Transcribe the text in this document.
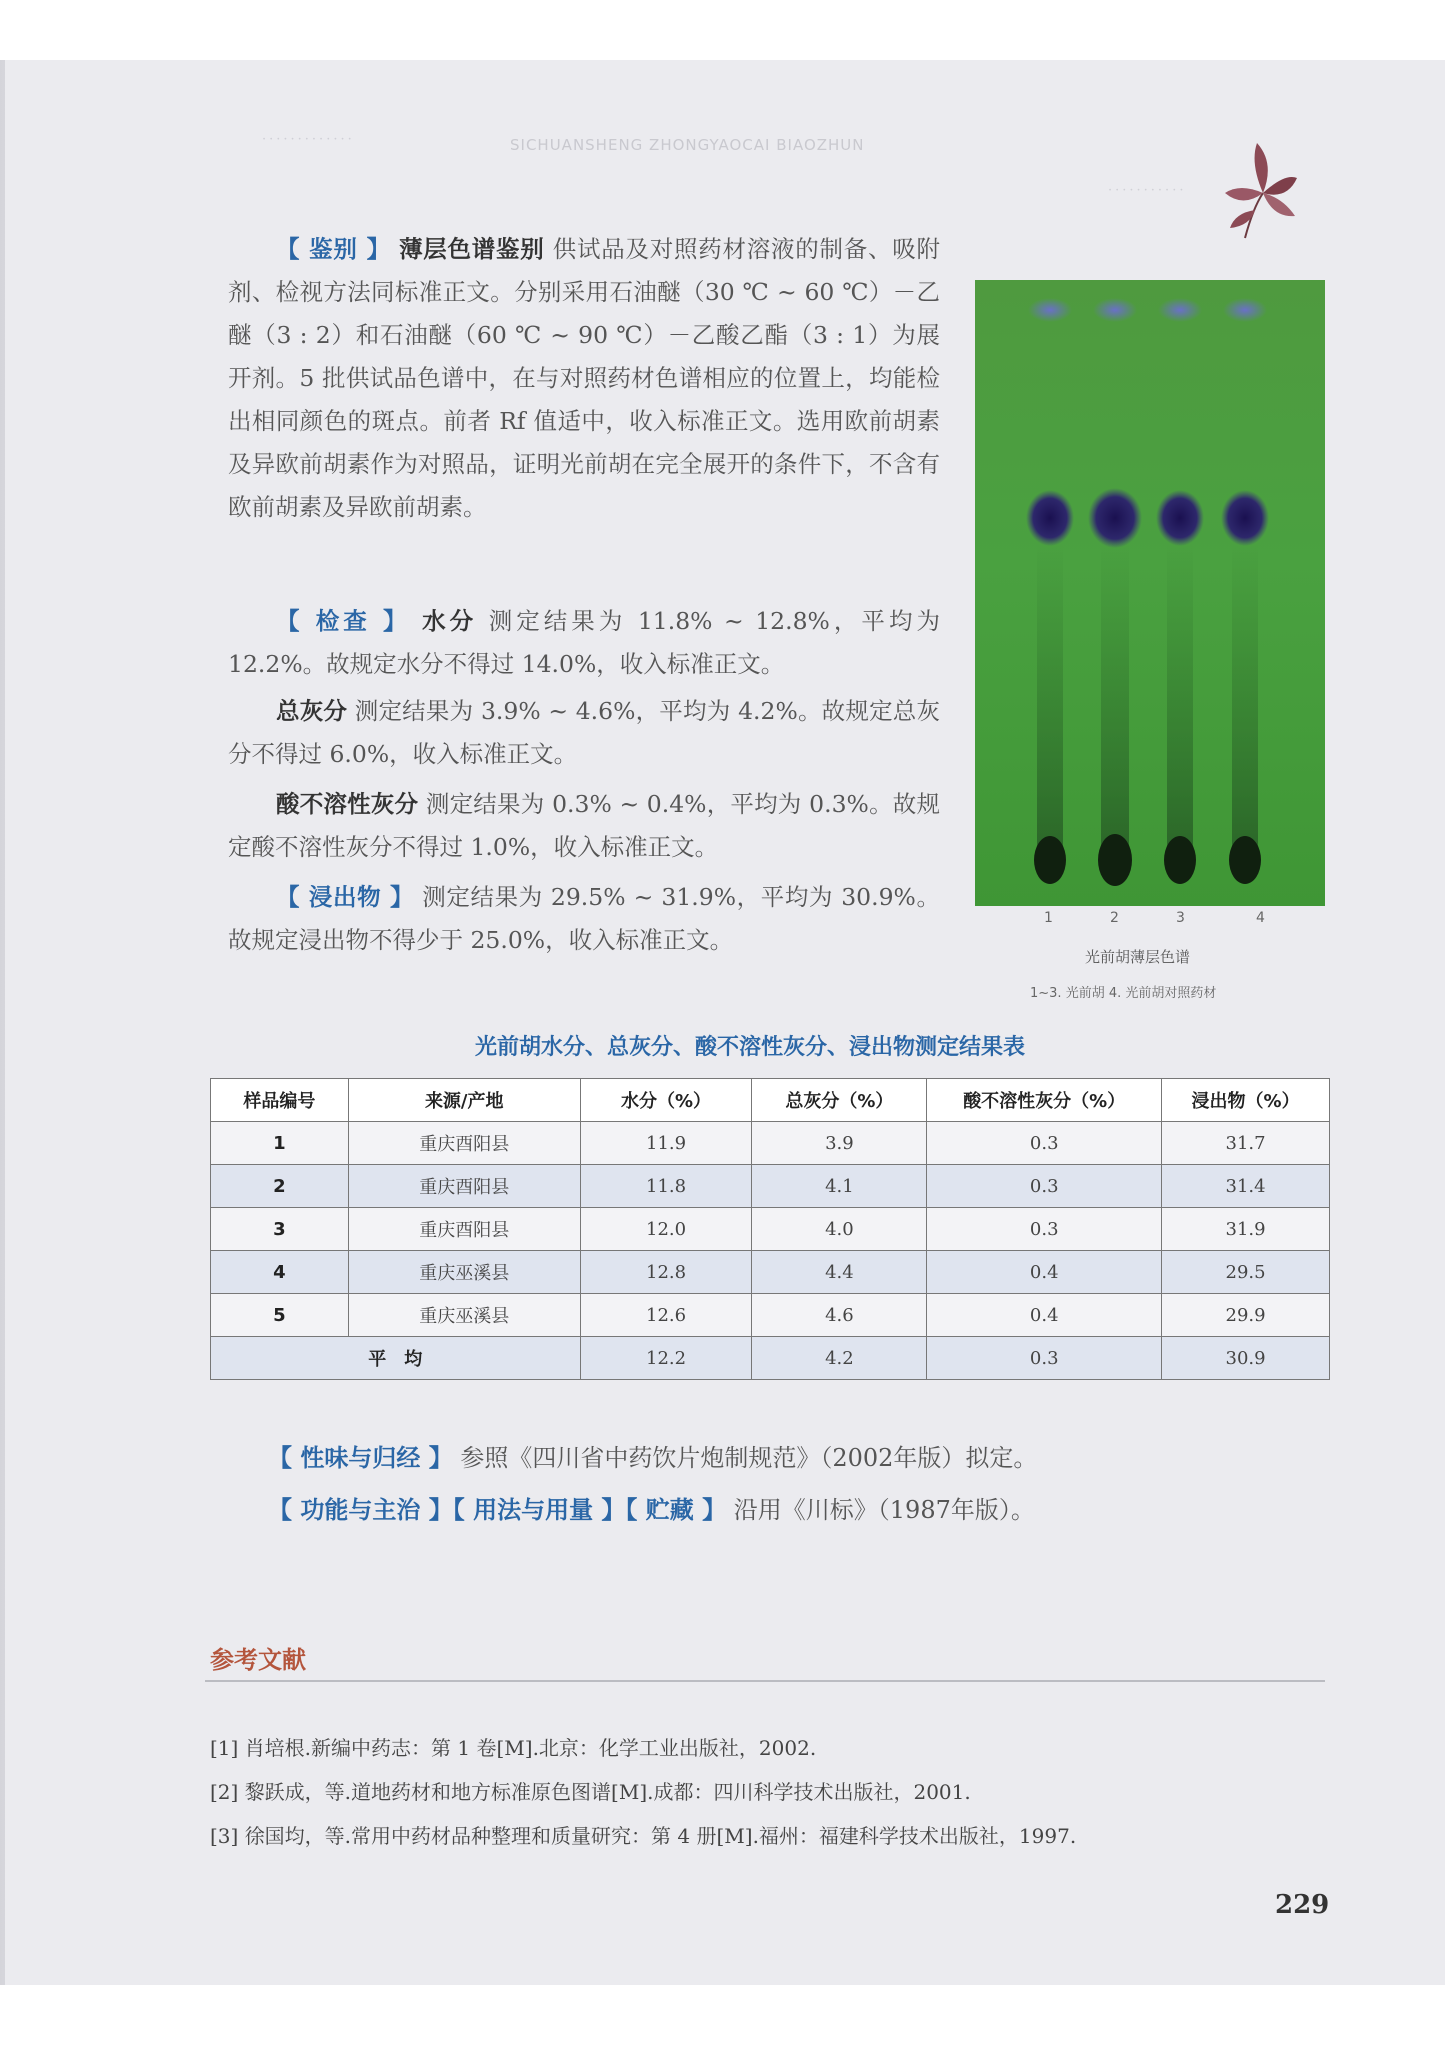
·············	SICHUANSHENG ZHONGYAOCAI BIAOZHUN
···········
【 鉴别 】 薄层色谱鉴别 供试品及对照药材溶液的制备、吸附剂、检视方法同标准正文。分别采用石油醚（30 ℃ ~ 60 ℃）－乙醚（3 : 2）和石油醚（60 ℃ ~ 90 ℃）－乙酸乙酯（3 : 1）为展开剂。5 批供试品色谱中，在与对照药材色谱相应的位置上，均能检出相同颜色的斑点。前者 Rf 值适中，收入标准正文。选用欧前胡素及异欧前胡素作为对照品，证明光前胡在完全展开的条件下，不含有欧前胡素及异欧前胡素。
【 检查 】 水分 测定结果为 11.8% ~ 12.8%，平均为 12.2%。故规定水分不得过 14.0%，收入标准正文。
总灰分 测定结果为 3.9% ~ 4.6%，平均为 4.2%。故规定总灰分不得过 6.0%，收入标准正文。
酸不溶性灰分 测定结果为 0.3% ~ 0.4%，平均为 0.3%。故规定酸不溶性灰分不得过 1.0%，收入标准正文。
【 浸出物 】 测定结果为 29.5% ~ 31.9%，平均为 30.9%。故规定浸出物不得少于 25.0%，收入标准正文。
1	2	3	4
光前胡薄层色谱
1~3. 光前胡 4. 光前胡对照药材
光前胡水分、总灰分、酸不溶性灰分、浸出物测定结果表
样品编号	来源/产地	水分（%）	总灰分（%）	酸不溶性灰分（%）	浸出物（%）
1	重庆酉阳县	11.9	3.9	0.3	31.7
2	重庆酉阳县	11.8	4.1	0.3	31.4
3	重庆酉阳县	12.0	4.0	0.3	31.9
4	重庆巫溪县	12.8	4.4	0.4	29.5
5	重庆巫溪县	12.6	4.6	0.4	29.9
平　均		12.2	4.2	0.3	30.9
【 性味与归经 】 参照《四川省中药饮片炮制规范》（2002年版）拟定。
【 功能与主治 】【 用法与用量 】【 贮藏 】 沿用《川标》（1987年版）。
参考文献
[1] 肖培根.新编中药志：第 1 卷[M].北京：化学工业出版社，2002.
[2] 黎跃成，等.道地药材和地方标准原色图谱[M].成都：四川科学技术出版社，2001.
[3] 徐国均，等.常用中药材品种整理和质量研究：第 4 册[M].福州：福建科学技术出版社，1997.
229
